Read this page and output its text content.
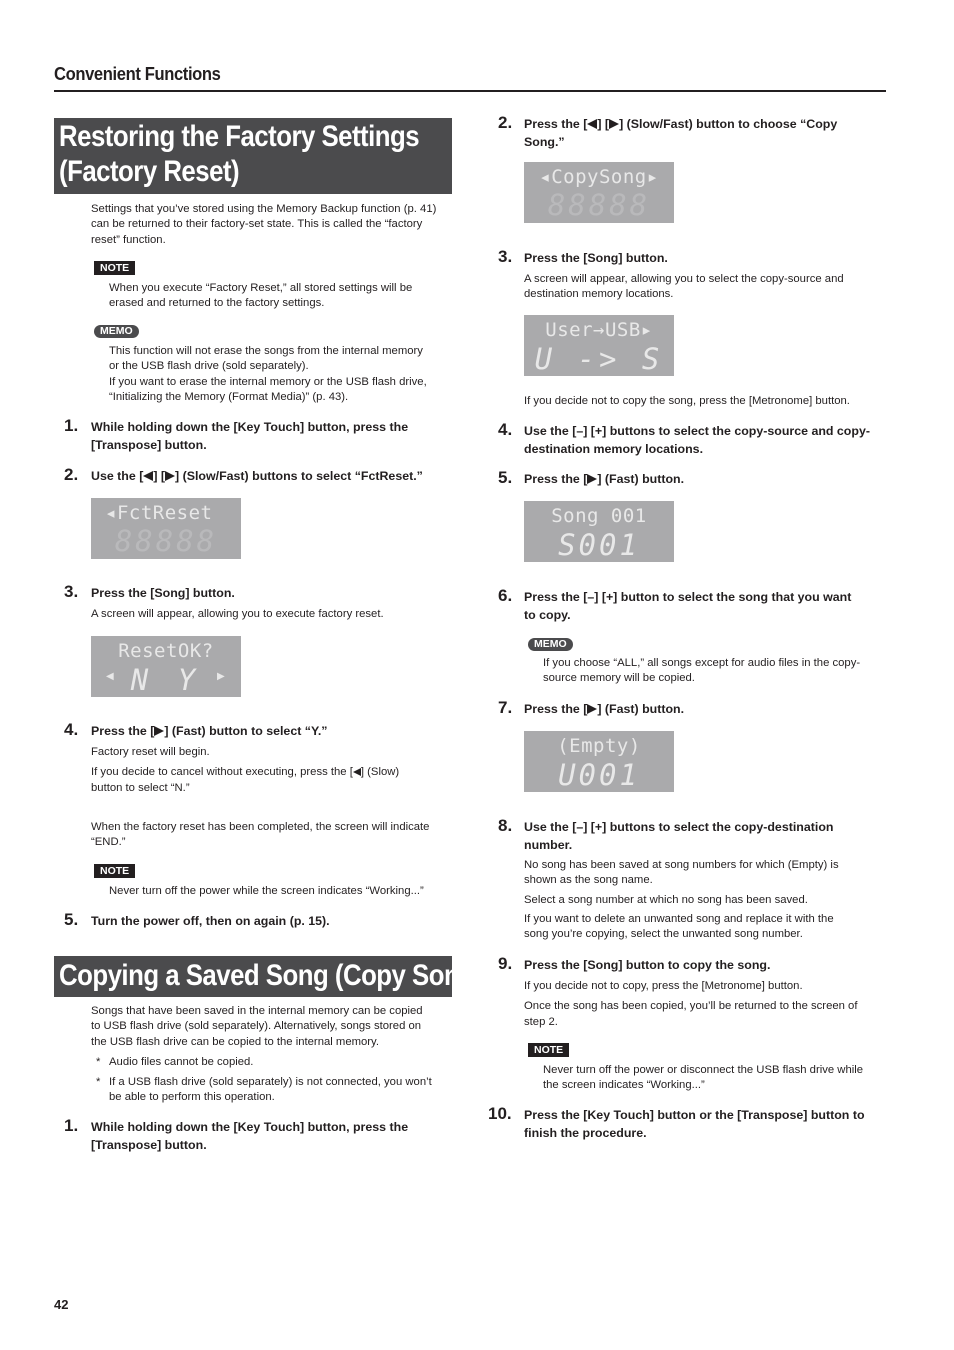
Convenient Functions
Restoring the Factory Settings
(Factory Reset)
Settings that you’ve stored using the Memory Backup function (p. 41)
can be returned to their factory-set state. This is called the “factory
reset” function.
NOTE
When you execute “Factory Reset,” all stored settings will be
erased and returned to the factory settings.
MEMO
This function will not erase the songs from the internal memory
or the USB flash drive (sold separately).
If you want to erase the internal memory or the USB flash drive,
“Initializing the Memory (Format Media)” (p. 43).
1. While holding down the [Key Touch] button, press the
[Transpose] button.
2. Use the [ ] [ ] (Slow/Fast) buttons to select “FctReset.”
88888
◂FctReset
3. Press the [Song] button.
A screen will appear, allowing you to execute factory reset.
ResetOK?
N Y
◀	▶
4. Press the [ ] (Fast) button to select “Y.”
Factory reset will begin.
If you decide to cancel without executing, press the [ ] (Slow)
button to select “N.”
When the factory reset has been completed, the screen will indicate
“END.”
NOTE
Never turn off the power while the screen indicates “Working...”
5. Turn the power off, then on again (p. 15).
Copying a Saved Song (Copy Song)
Songs that have been saved in the internal memory can be copied
to USB flash drive (sold separately). Alternatively, songs stored on
the USB flash drive can be copied to the internal memory.
* Audio files cannot be copied.
* If a USB flash drive (sold separately) is not connected, you won’t
be able to perform this operation.
1. While holding down the [Key Touch] button, press the
[Transpose] button.
2. Press the [ ] [ ] (Slow/Fast) button to choose “Copy
Song.”
88888
◂CopySong▸
3. Press the [Song] button.
A screen will appear, allowing you to select the copy-source and
destination memory locations.
User→USB▸
U -> S
If you decide not to copy the song, press the [Metronome] button.
4. Use the [–] [+] buttons to select the copy-source and copy-
destination memory locations.
5. Press the [ ] (Fast) button.
Song 001
S001
6. Press the [–] [+] button to select the song that you want
to copy.
MEMO
If you choose “ALL,” all songs except for audio files in the copy-
source memory will be copied.
7. Press the [ ] (Fast) button.
(Empty)
U001
8. Use the [–] [+] buttons to select the copy-destination
number.
No song has been saved at song numbers for which (Empty) is
shown as the song name.
Select a song number at which no song has been saved.
If you want to delete an unwanted song and replace it with the
song you’re copying, select the unwanted song number.
9. Press the [Song] button to copy the song.
If you decide not to copy, press the [Metronome] button.
Once the song has been copied, you’ll be returned to the screen of
step 2.
NOTE
Never turn off the power or disconnect the USB flash drive while
the screen indicates “Working...”
10. Press the [Key Touch] button or the [Transpose] button to
finish the procedure.
42
